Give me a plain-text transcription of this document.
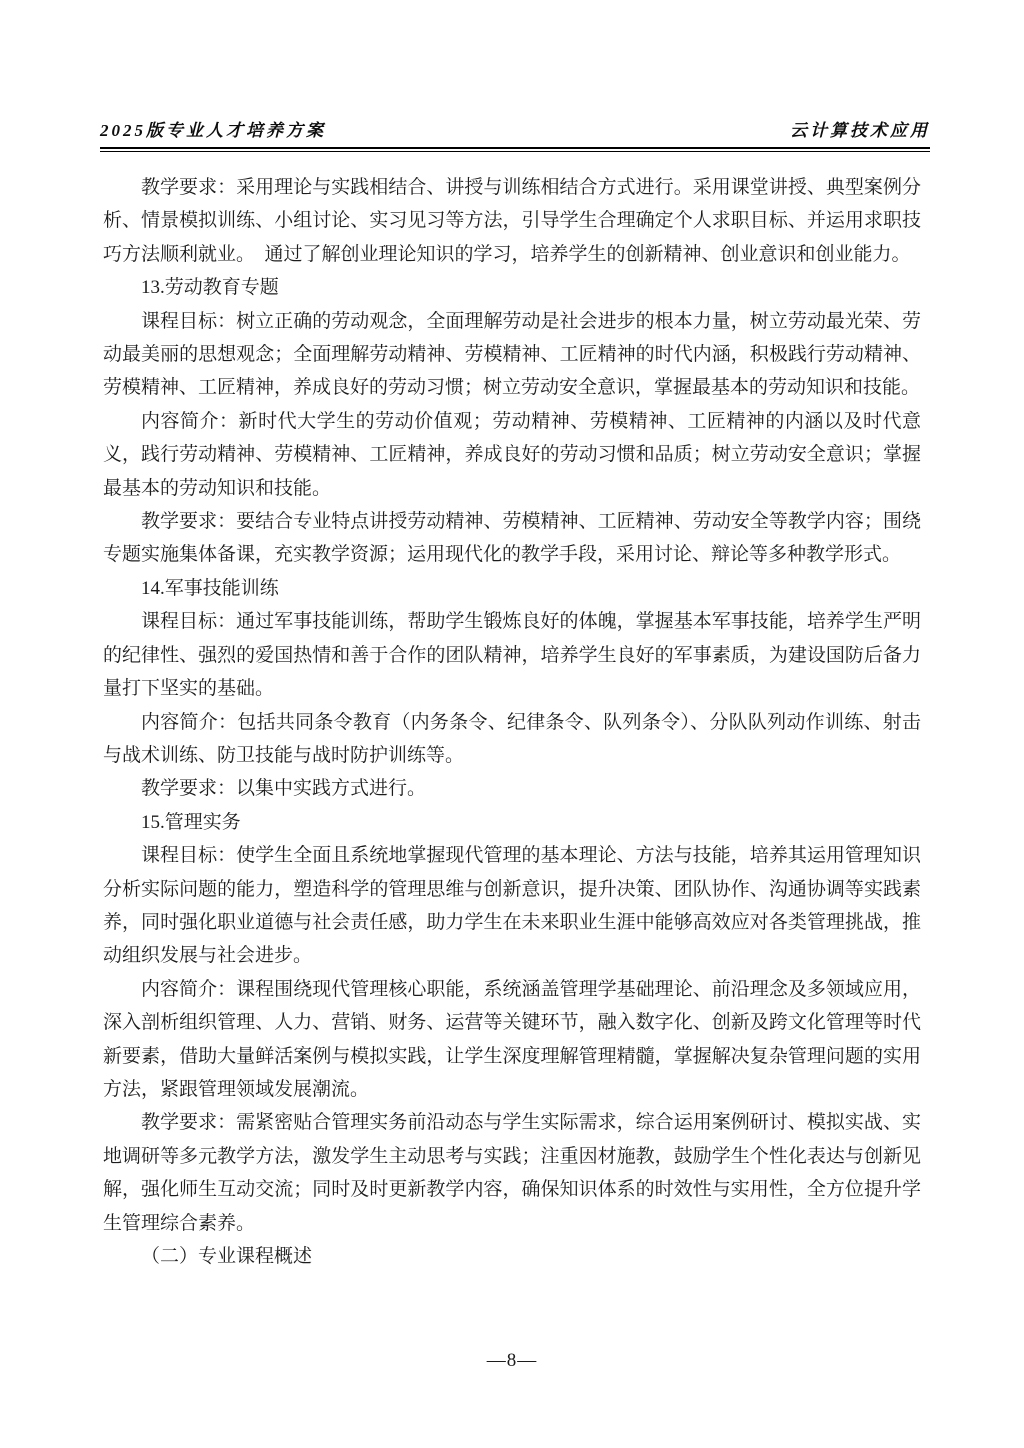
2025版专业人才培养方案	云计算技术应用

教学要求：采用理论与实践相结合、讲授与训练相结合方式进行。采用课堂讲授、典型案例分析、情景模拟训练、小组讨论、实习见习等方法，引导学生合理确定个人求职目标、并运用求职技巧方法顺利就业。　通过了解创业理论知识的学习，培养学生的创新精神、创业意识和创业能力。

13.劳动教育专题

课程目标：树立正确的劳动观念，全面理解劳动是社会进步的根本力量，树立劳动最光荣、劳动最美丽的思想观念；全面理解劳动精神、劳模精神、工匠精神的时代内涵，积极践行劳动精神、劳模精神、工匠精神，养成良好的劳动习惯；树立劳动安全意识，掌握最基本的劳动知识和技能。

内容简介：新时代大学生的劳动价值观；劳动精神、劳模精神、工匠精神的内涵以及时代意义，践行劳动精神、劳模精神、工匠精神，养成良好的劳动习惯和品质；树立劳动安全意识；掌握最基本的劳动知识和技能。

教学要求：要结合专业特点讲授劳动精神、劳模精神、工匠精神、劳动安全等教学内容；围绕专题实施集体备课，充实教学资源；运用现代化的教学手段，采用讨论、辩论等多种教学形式。

14.军事技能训练

课程目标：通过军事技能训练，帮助学生锻炼良好的体魄，掌握基本军事技能，培养学生严明的纪律性、强烈的爱国热情和善于合作的团队精神，培养学生良好的军事素质，为建设国防后备力量打下坚实的基础。

内容简介：包括共同条令教育（内务条令、纪律条令、队列条令）、分队队列动作训练、射击与战术训练、防卫技能与战时防护训练等。

教学要求：以集中实践方式进行。

15.管理实务

课程目标：使学生全面且系统地掌握现代管理的基本理论、方法与技能，培养其运用管理知识分析实际问题的能力，塑造科学的管理思维与创新意识，提升决策、团队协作、沟通协调等实践素养，同时强化职业道德与社会责任感，助力学生在未来职业生涯中能够高效应对各类管理挑战，推动组织发展与社会进步。

内容简介：课程围绕现代管理核心职能，系统涵盖管理学基础理论、前沿理念及多领域应用，深入剖析组织管理、人力、营销、财务、运营等关键环节，融入数字化、创新及跨文化管理等时代新要素，借助大量鲜活案例与模拟实践，让学生深度理解管理精髓，掌握解决复杂管理问题的实用方法，紧跟管理领域发展潮流。

教学要求：需紧密贴合管理实务前沿动态与学生实际需求，综合运用案例研讨、模拟实战、实地调研等多元教学方法，激发学生主动思考与实践；注重因材施教，鼓励学生个性化表达与创新见解，强化师生互动交流；同时及时更新教学内容，确保知识体系的时效性与实用性，全方位提升学生管理综合素养。

（二）专业课程概述

—8—
